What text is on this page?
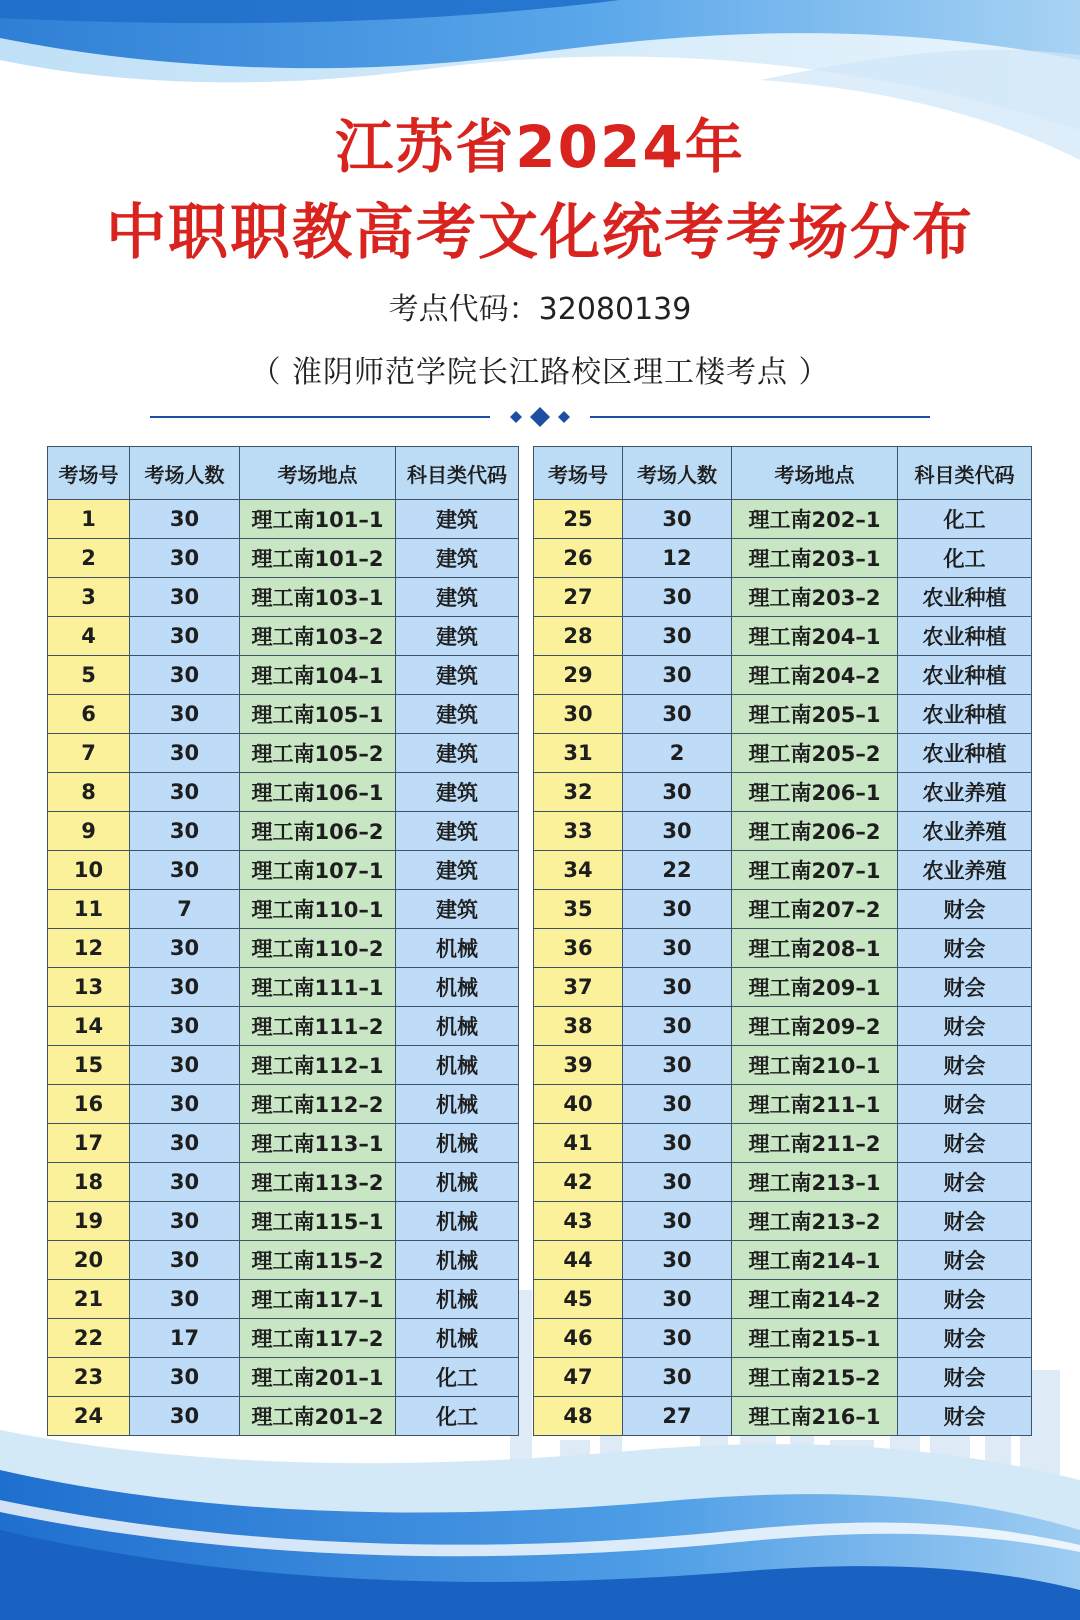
江苏省2024年
中职职教高考文化统考考场分布
考点代码：32080139
（ 淮阴师范学院长江路校区理工楼考点 ）
考场号	考场人数	考场地点	科目类代码
1	30	理工南101–1	建筑
2	30	理工南101–2	建筑
3	30	理工南103–1	建筑
4	30	理工南103–2	建筑
5	30	理工南104–1	建筑
6	30	理工南105–1	建筑
7	30	理工南105–2	建筑
8	30	理工南106–1	建筑
9	30	理工南106–2	建筑
10	30	理工南107–1	建筑
11	7	理工南110–1	建筑
12	30	理工南110–2	机械
13	30	理工南111–1	机械
14	30	理工南111–2	机械
15	30	理工南112–1	机械
16	30	理工南112–2	机械
17	30	理工南113–1	机械
18	30	理工南113–2	机械
19	30	理工南115–1	机械
20	30	理工南115–2	机械
21	30	理工南117–1	机械
22	17	理工南117–2	机械
23	30	理工南201–1	化工
24	30	理工南201–2	化工
考场号	考场人数	考场地点	科目类代码
25	30	理工南202–1	化工
26	12	理工南203–1	化工
27	30	理工南203–2	农业种植
28	30	理工南204–1	农业种植
29	30	理工南204–2	农业种植
30	30	理工南205–1	农业种植
31	2	理工南205–2	农业种植
32	30	理工南206–1	农业养殖
33	30	理工南206–2	农业养殖
34	22	理工南207–1	农业养殖
35	30	理工南207–2	财会
36	30	理工南208–1	财会
37	30	理工南209–1	财会
38	30	理工南209–2	财会
39	30	理工南210–1	财会
40	30	理工南211–1	财会
41	30	理工南211–2	财会
42	30	理工南213–1	财会
43	30	理工南213–2	财会
44	30	理工南214–1	财会
45	30	理工南214–2	财会
46	30	理工南215–1	财会
47	30	理工南215–2	财会
48	27	理工南216–1	财会
